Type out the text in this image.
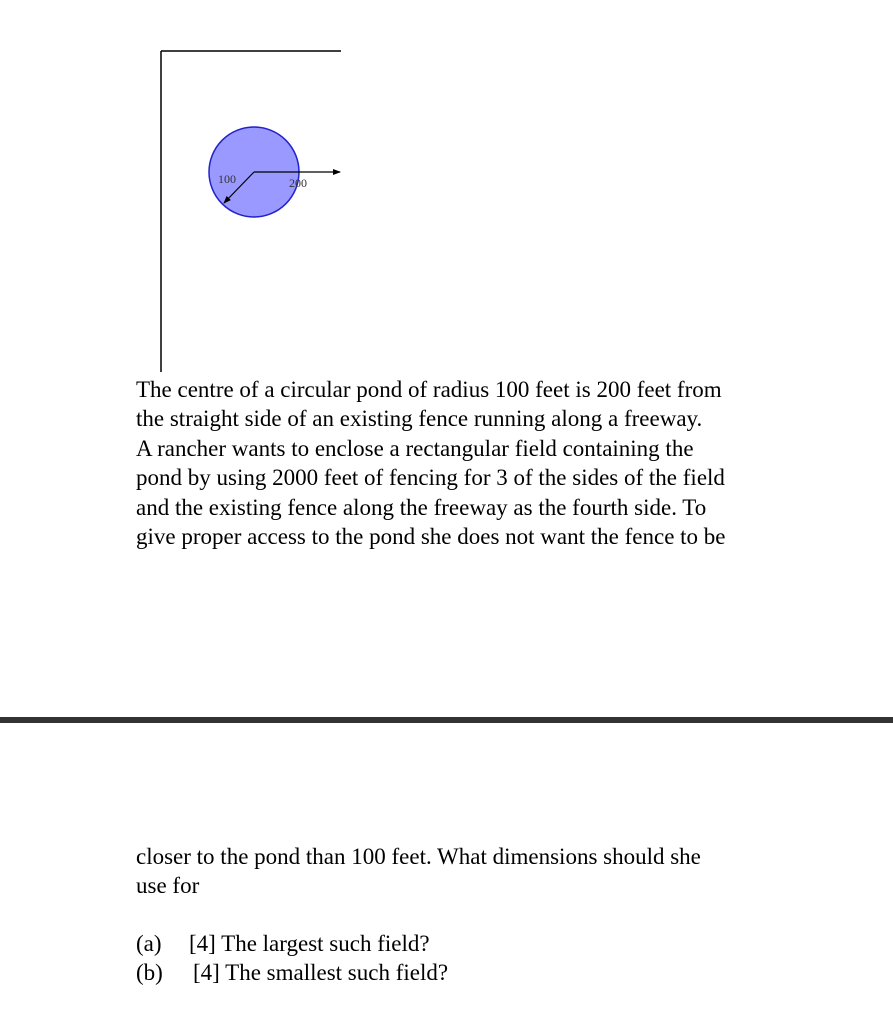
100	200
The centre of a circular pond of radius 100 feet is 200 feet from
the straight side of an existing fence running along a freeway.
A rancher wants to enclose a rectangular field containing the
pond by using 2000 feet of fencing for 3 of the sides of the field
and the existing fence along the freeway as the fourth side. To
give proper access to the pond she does not want the fence to be
closer to the pond than 100 feet. What dimensions should she
use for
(a) [4] The largest such field?
(b) [4] The smallest such field?
